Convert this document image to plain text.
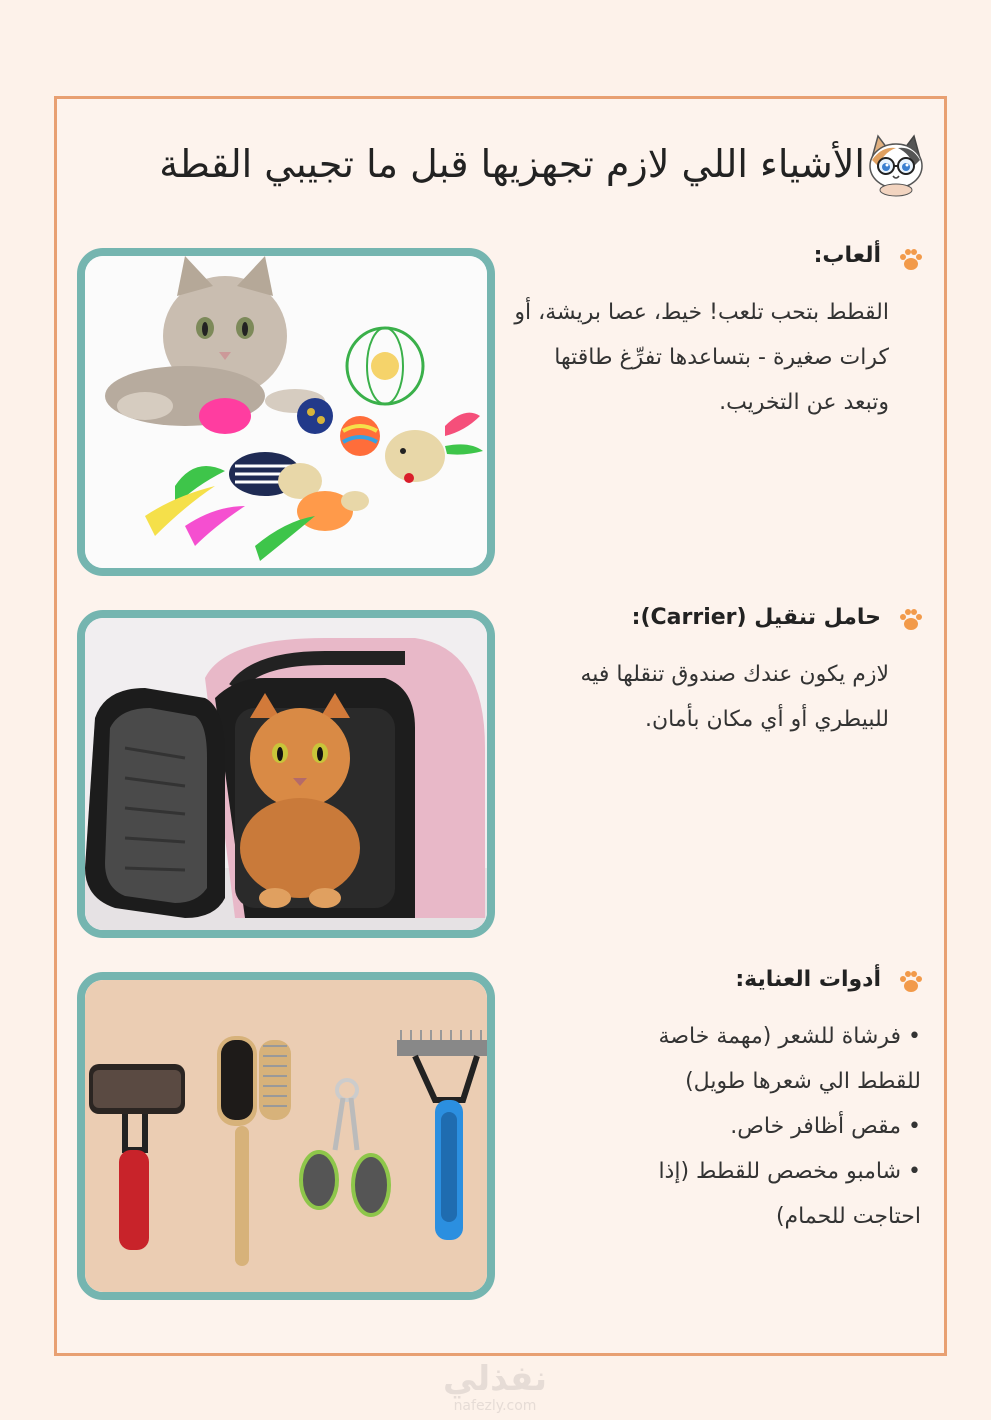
الأشياء اللي لازم تجهزيها قبل ما تجيبي القطة
ألعاب:
القطط بتحب تلعب! خيط، عصا بريشة، أو كرات صغيرة - بتساعدها تفرِّغ طاقتها وتبعد عن التخريب.
حامل تنقيل (Carrier):
لازم يكون عندك صندوق تنقلها فيه للبيطري أو أي مكان بأمان.
أدوات العناية:
• فرشاة للشعر (مهمة خاصة للقطط الي شعرها طويل)
• مقص أظافر خاص.
• شامبو مخصص للقطط (إذا احتاجت للحمام)
نفذلي
nafezly.com
